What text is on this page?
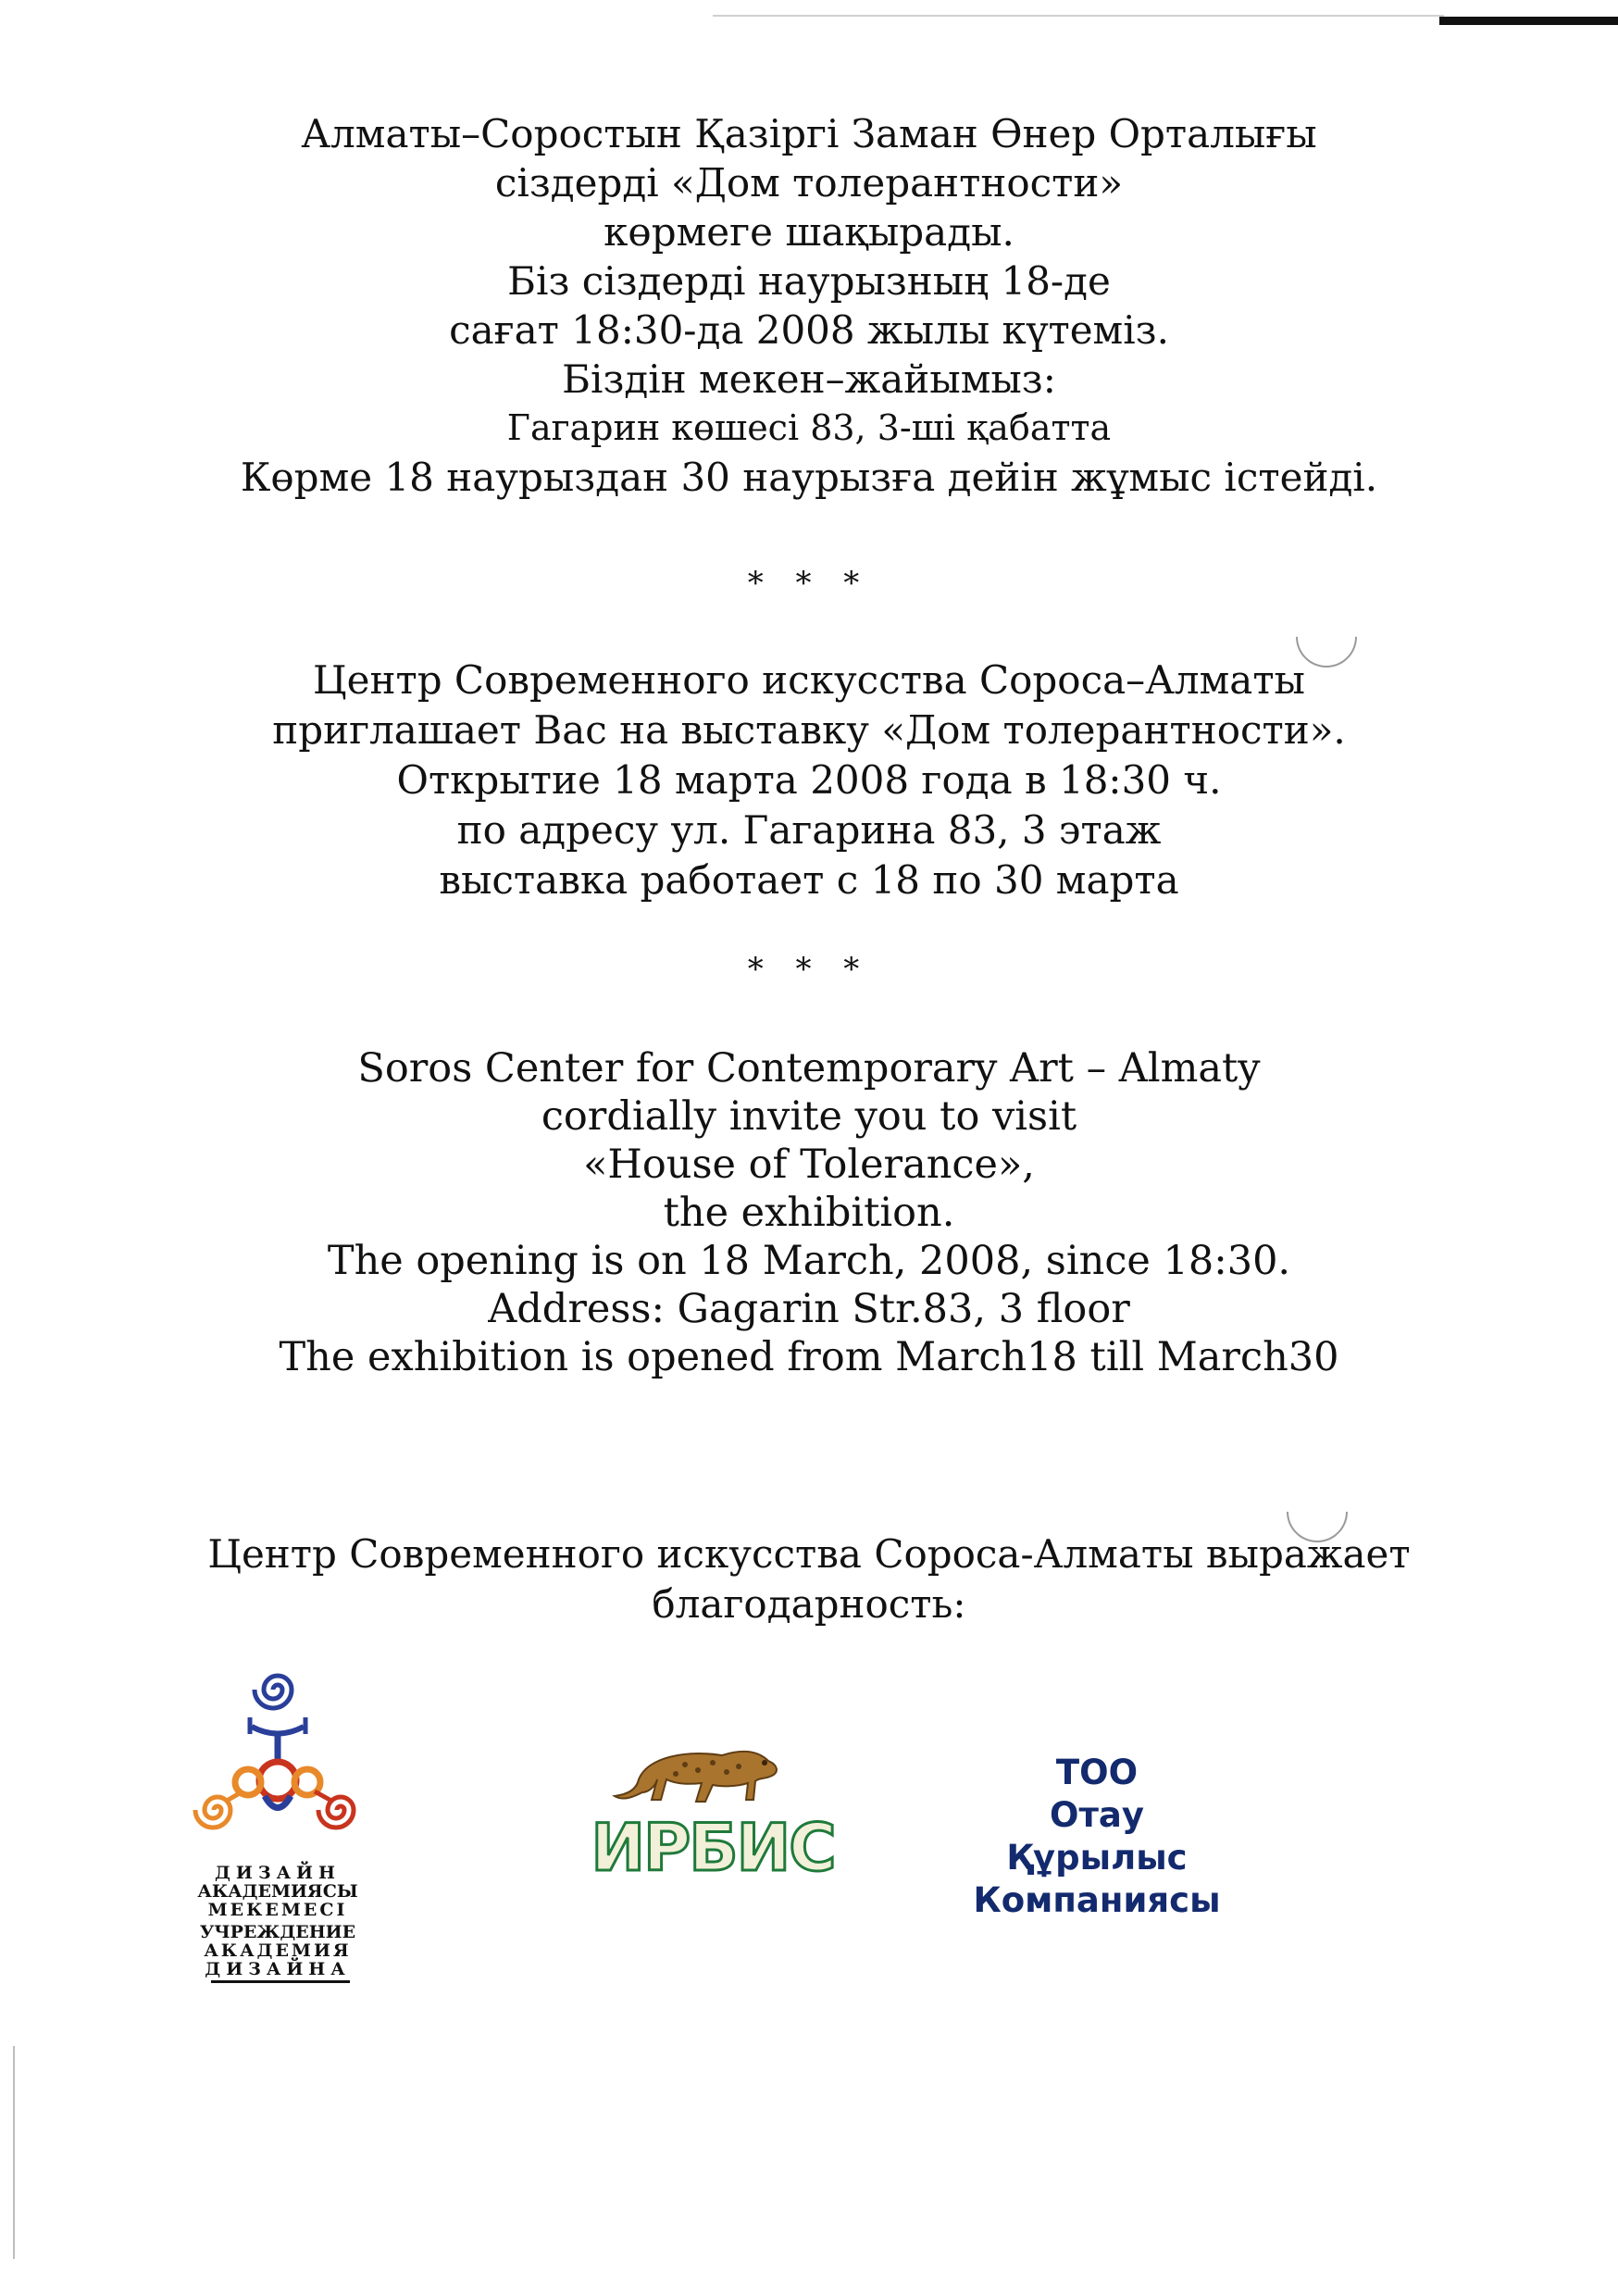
Алматы–Соростын Қазіргі Заман Өнер Орталығы
сіздерді «Дом толерантности»
көрмеге шақырады.
Біз сіздерді наурызның 18-де
сағат 18:30-да 2008 жылы күтеміз.
Біздін мекен–жайымыз:
Гагарин көшесі 83, 3-ші қабатта
Көрме 18 наурыздан 30 наурызға дейін жұмыс істейді.
* * *
Центр Современного искусства Сороса–Алматы
приглашает Вас на выставку «Дом толерантности».
Открытие 18 марта 2008 года в 18:30 ч.
по адресу ул. Гагарина 83, 3 этаж
выставка работает с 18 по 30 марта
* * *
Soros Center for Contemporary Art – Almaty
cordially invite you to visit
«House of Tolerance»,
the exhibition.
The opening is on 18 March, 2008, since 18:30.
Address: Gagarin Str.83, 3 floor
The exhibition is opened from March18 till March30
Центр Современного искусства Сороса-Алматы выражает
благодарность:
ДИЗАЙН
АКАДЕМИЯСЫ
МЕКЕМЕСІ
УЧРЕЖДЕНИЕ
АКАДЕМИЯ
ДИЗАЙНА
ИРБИС
ТОО
Отау
Құрылыс
Компаниясы
